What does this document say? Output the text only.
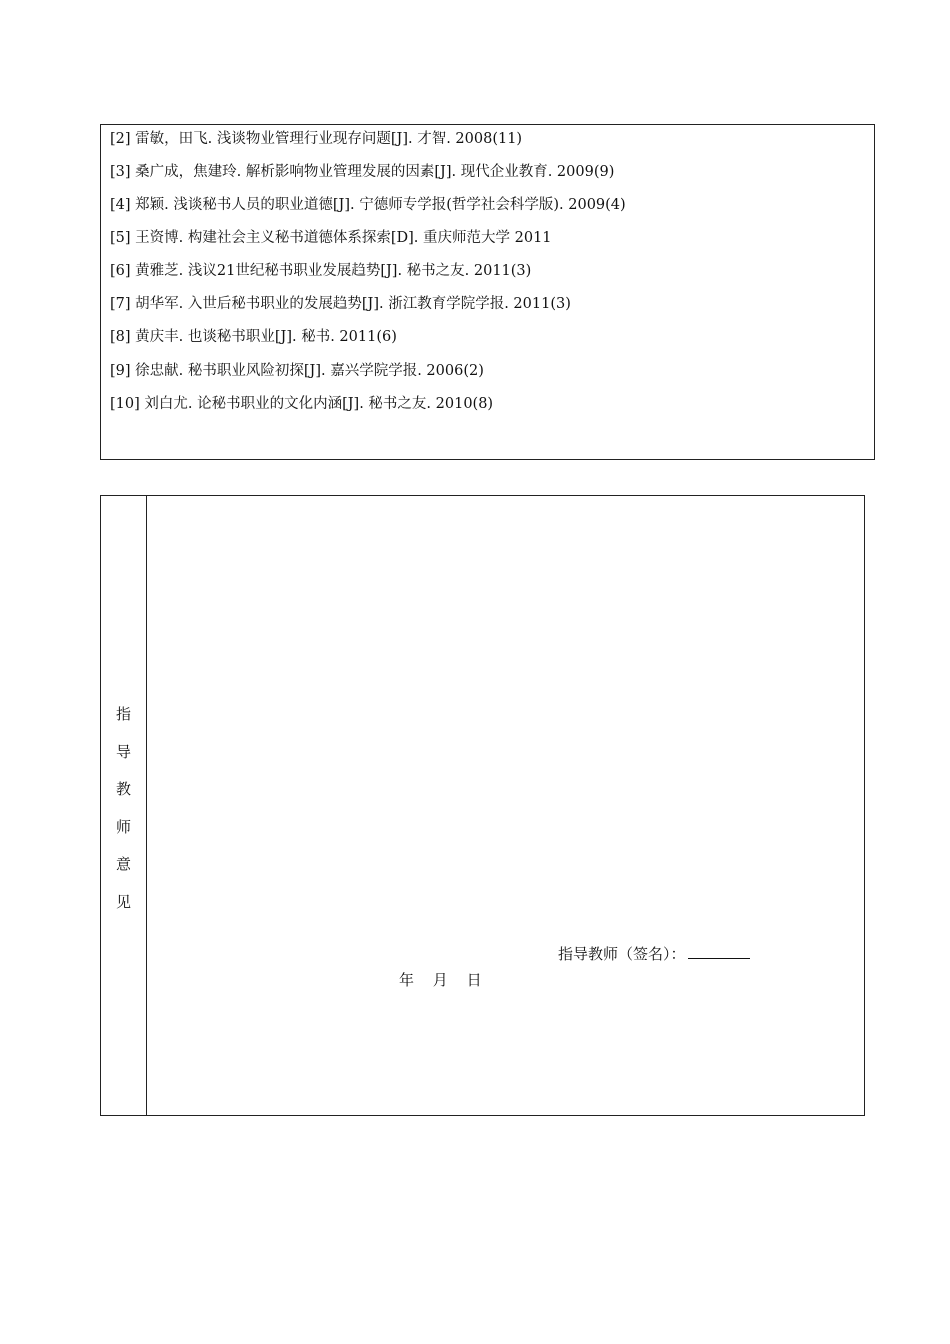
[2] 雷敏，田飞. 浅谈物业管理行业现存问题[J]. 才智. 2008(11)
[3] 桑广成，焦建玲. 解析影响物业管理发展的因素[J]. 现代企业教育. 2009(9)
[4] 郑颖. 浅谈秘书人员的职业道德[J]. 宁德师专学报(哲学社会科学版). 2009(4)
[5] 王资博. 构建社会主义秘书道德体系探索[D]. 重庆师范大学 2011
[6] 黄雅芝. 浅议21世纪秘书职业发展趋势[J]. 秘书之友. 2011(3)
[7] 胡华军. 入世后秘书职业的发展趋势[J]. 浙江教育学院学报. 2011(3)
[8] 黄庆丰. 也谈秘书职业[J]. 秘书. 2011(6)
[9] 徐忠献. 秘书职业风险初探[J]. 嘉兴学院学报. 2006(2)
[10] 刘白尤. 论秘书职业的文化内涵[J]. 秘书之友. 2010(8)
指
导
教
师
意
见
指导教师（签名）：
年 月 日
